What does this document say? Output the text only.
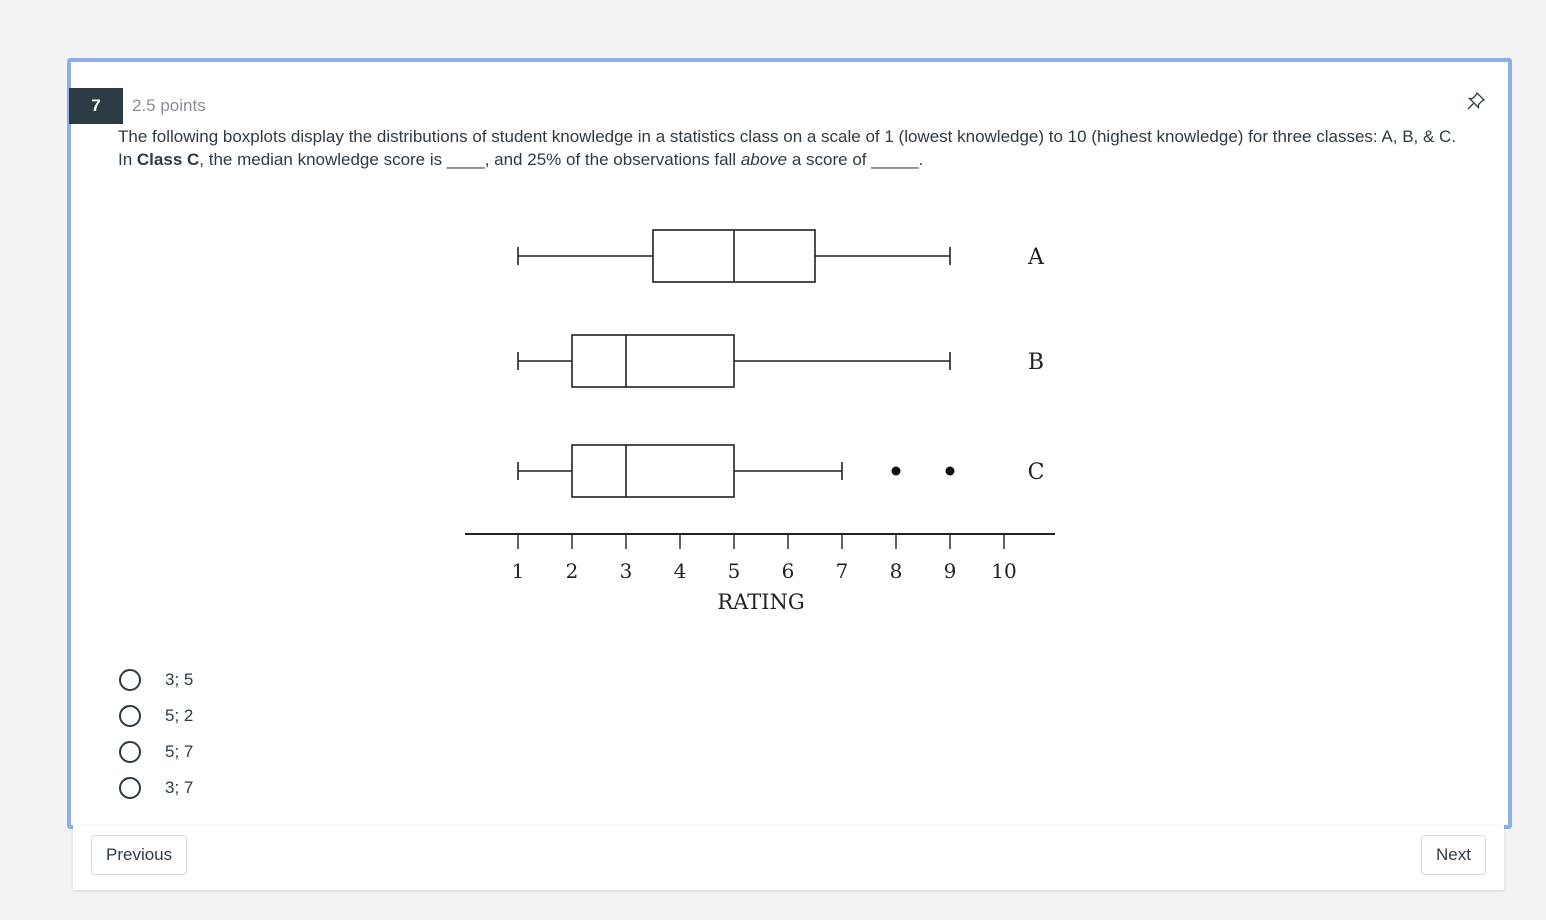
7	2.5 points
The following boxplots display the distributions of student knowledge in a statistics class on a scale of 1 (lowest knowledge) to 10 (highest knowledge) for three classes: A, B, & C.
In Class C, the median knowledge score is ____, and 25% of the observations fall above a score of _____.
A
B
C
1 2 3 4 5 6 7 8 9 10
RATING
3; 5
5; 2
5; 7
3; 7
Previous	Next
